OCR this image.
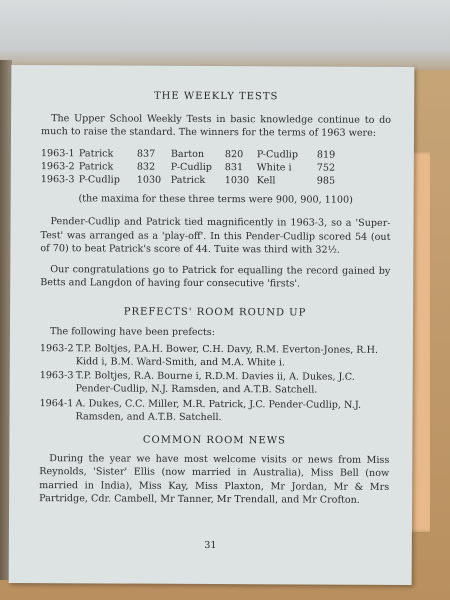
THE WEEKLY TESTS

The Upper School Weekly Tests in basic knowledge continue to do much to raise the standard. The winners for the terms of 1963 were:

1963-1 Patrick	837	Barton	820	P-Cudlip	819
1963-2 Patrick	832	P-Cudlip	831	White i	752
1963-3 P-Cudlip	1030 Patrick	1030 Kell	985
(the maxima for these three terms were 900, 900, 1100)

Pender-Cudlip and Patrick tied magnificently in 1963-3, so a 'Super-Test' was arranged as a 'play-off'. In this Pender-Cudlip scored 54 (out of 70) to beat Patrick's score of 44. Tuite was third with 32½.

Our congratulations go to Patrick for equalling the record gained by Betts and Langdon of having four consecutive 'firsts'.

PREFECTS' ROOM ROUND UP

The following have been prefects:

1963-2 T.P. Boltjes, P.A.H. Bower, C.H. Davy, R.M. Everton-Jones, R.H. Kidd i, B.M. Ward-Smith, and M.A. White i.
1963-3 T.P. Boltjes, R.A. Bourne i, R.D.M. Davies ii, A. Dukes, J.C. Pender-Cudlip, N.J. Ramsden, and A.T.B. Satchell.
1964-1 A. Dukes, C.C. Miller, M.R. Patrick, J.C. Pender-Cudlip, N.J. Ramsden, and A.T.B. Satchell.
COMMON ROOM NEWS

During the year we have most welcome visits or news from Miss Reynolds, 'Sister' Ellis (now married in Australia), Miss Bell (now married in India), Miss Kay, Miss Plaxton, Mr Jordan, Mr & Mrs Partridge, Cdr. Cambell, Mr Tanner, Mr Trendall, and Mr Crofton.

31
